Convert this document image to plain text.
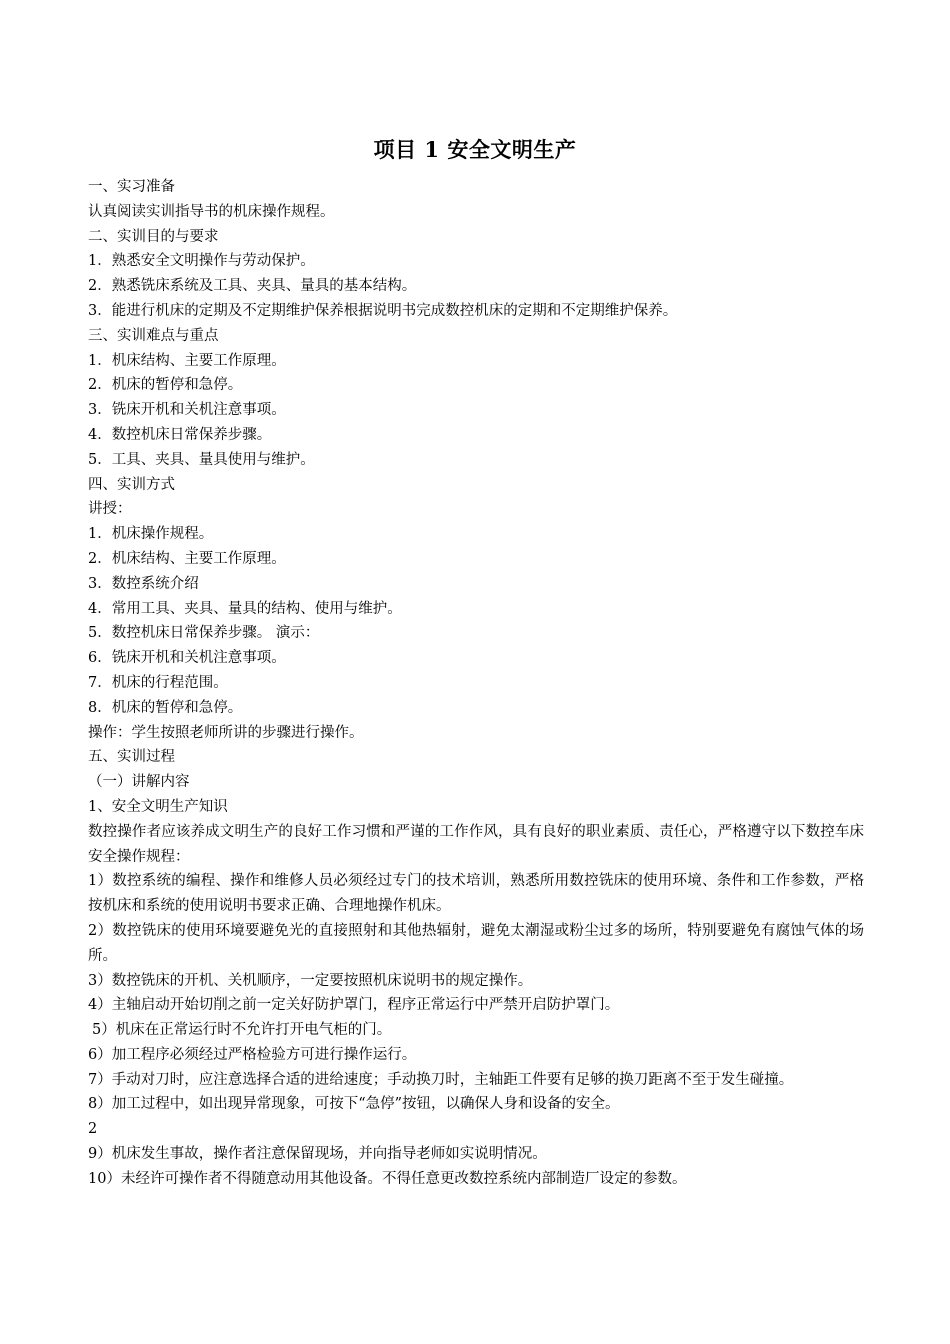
项目 1 安全文明生产

一、实习准备

认真阅读实训指导书的机床操作规程。

二、实训目的与要求

1．熟悉安全文明操作与劳动保护。

2．熟悉铣床系统及工具、夹具、量具的基本结构。

3．能进行机床的定期及不定期维护保养根据说明书完成数控机床的定期和不定期维护保养。

三、实训难点与重点

1．机床结构、主要工作原理。

2．机床的暂停和急停。

3．铣床开机和关机注意事项。

4．数控机床日常保养步骤。

5．工具、夹具、量具使用与维护。

四、实训方式

讲授：

1．机床操作规程。

2．机床结构、主要工作原理。

3．数控系统介绍

4．常用工具、夹具、量具的结构、使用与维护。

5．数控机床日常保养步骤。 演示：

6．铣床开机和关机注意事项。

7．机床的行程范围。

8．机床的暂停和急停。

操作：学生按照老师所讲的步骤进行操作。

五、实训过程

（一）讲解内容

1、安全文明生产知识

数控操作者应该养成文明生产的良好工作习惯和严谨的工作作风，具有良好的职业素质、责任心，严格遵守以下数控车床安全操作规程：

1）数控系统的编程、操作和维修人员必须经过专门的技术培训，熟悉所用数控铣床的使用环境、条件和工作参数，严格按机床和系统的使用说明书要求正确、合理地操作机床。

2）数控铣床的使用环境要避免光的直接照射和其他热辐射，避免太潮湿或粉尘过多的场所，特别要避免有腐蚀气体的场所。

3）数控铣床的开机、关机顺序，一定要按照机床说明书的规定操作。

4）主轴启动开始切削之前一定关好防护罩门，程序正常运行中严禁开启防护罩门。

5）机床在正常运行时不允许打开电气柜的门。

6）加工程序必须经过严格检验方可进行操作运行。

7）手动对刀时，应注意选择合适的进给速度；手动换刀时，主轴距工件要有足够的换刀距离不至于发生碰撞。

8）加工过程中，如出现异常现象，可按下“急停”按钮，以确保人身和设备的安全。

2

9）机床发生事故，操作者注意保留现场，并向指导老师如实说明情况。

10）未经许可操作者不得随意动用其他设备。不得任意更改数控系统内部制造厂设定的参数。
